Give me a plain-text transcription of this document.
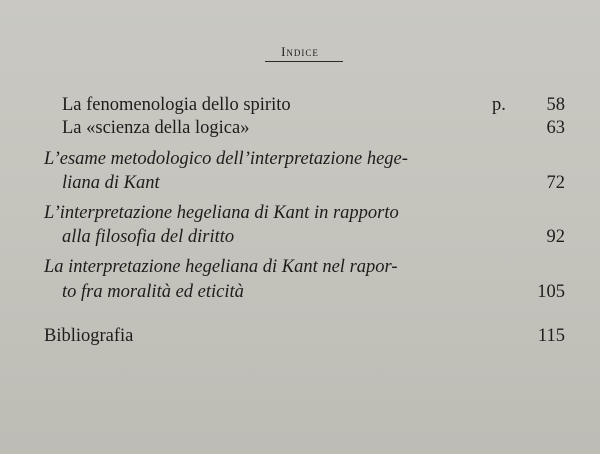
Indice
La fenomenologia dello spirito	p.	58
La «scienza della logica»	63
L’esame metodologico dell’interpretazione hege-
liana di Kant	72
L’interpretazione hegeliana di Kant in rapporto
alla filosofia del diritto	92
La interpretazione hegeliana di Kant nel rapor-
to fra moralità ed eticità	105
Bibliografia	115
